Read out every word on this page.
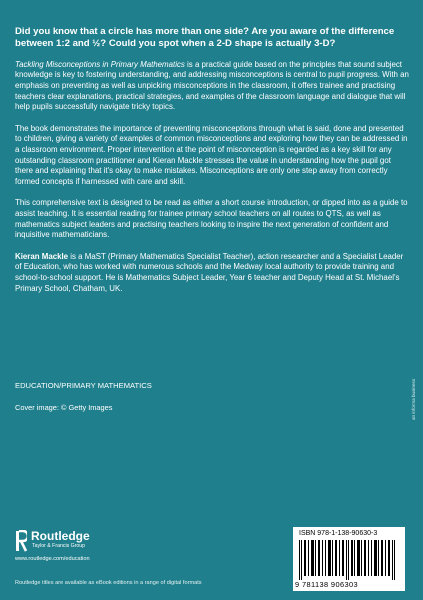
Did you know that a circle has more than one side? Are you aware of the difference between 1:2 and ½? Could you spot when a 2-D shape is actually 3-D?

Tackling Misconceptions in Primary Mathematics is a practical guide based on the principles that sound subject knowledge is key to fostering understanding, and addressing misconceptions is central to pupil progress. With an emphasis on preventing as well as unpicking misconceptions in the classroom, it offers trainee and practising teachers clear explanations, practical strategies, and examples of the classroom language and dialogue that will help pupils successfully navigate tricky topics.

The book demonstrates the importance of preventing misconceptions through what is said, done and presented to children, giving a variety of examples of common misconceptions and exploring how they can be addressed in a classroom environment. Proper intervention at the point of misconception is regarded as a key skill for any outstanding classroom practitioner and Kieran Mackle stresses the value in understanding how the pupil got there and explaining that it's okay to make mistakes. Misconceptions are only one step away from correctly formed concepts if harnessed with care and skill.

This comprehensive text is designed to be read as either a short course introduction, or dipped into as a guide to assist teaching. It is essential reading for trainee primary school teachers on all routes to QTS, as well as mathematics subject leaders and practising teachers looking to inspire the next generation of confident and inquisitive mathematicians.

Kieran Mackle is a MaST (Primary Mathematics Specialist Teacher), action researcher and a Specialist Leader of Education, who has worked with numerous schools and the Medway local authority to provide training and school-to-school support. He is Mathematics Subject Leader, Year 6 teacher and Deputy Head at St. Michael's Primary School, Chatham, UK.

EDUCATION/PRIMARY MATHEMATICS
Cover image: © Getty Images
Routledge
Taylor & Francis Group
www.routledge.com/education
Routledge titles are available as eBook editions in a range of digital formats
ISBN 978-1-138-90630-3
9 781138 906303
an informa business
